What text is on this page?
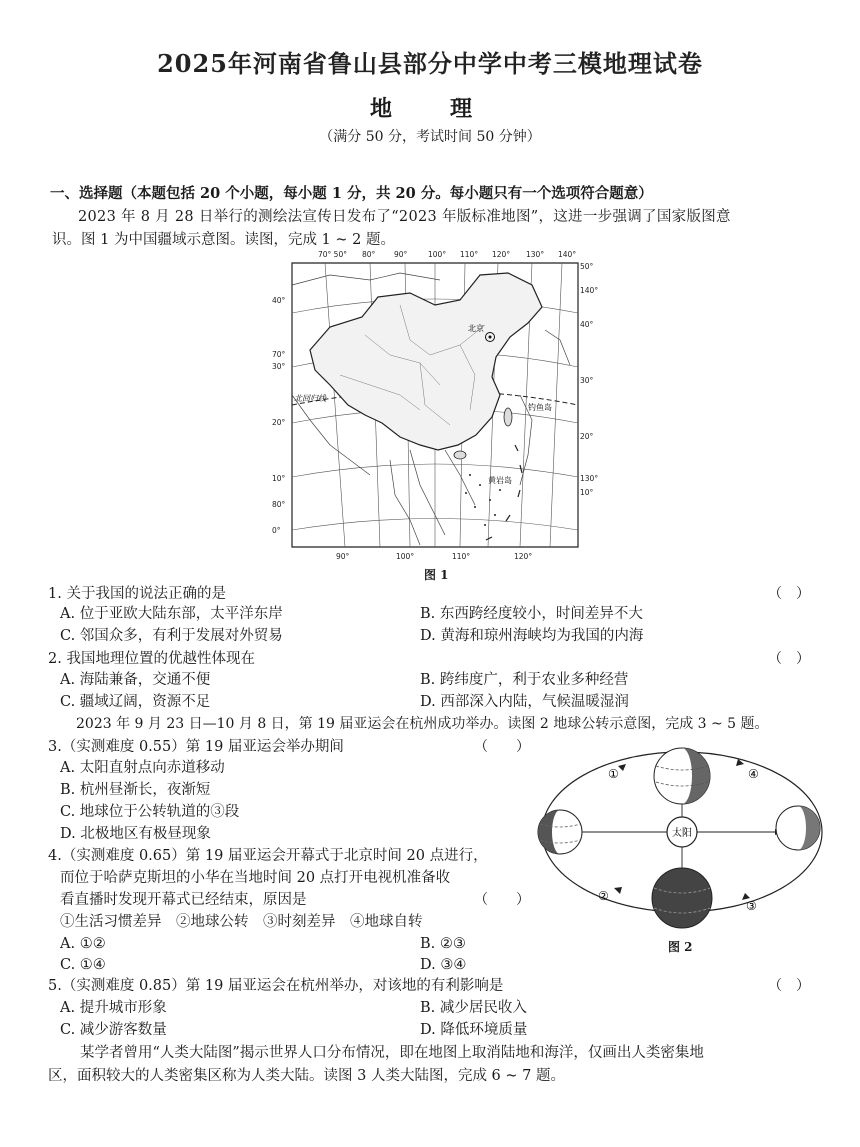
2025年河南省鲁山县部分中学中考三模地理试卷
地　理
（满分 50 分，考试时间 50 分钟）
一、选择题（本题包括 20 个小题，每小题 1 分，共 20 分。每小题只有一个选项符合题意）
2023 年 8 月 28 日举行的测绘法宣传日发布了“2023 年版标准地图”，这进一步强调了国家版图意
识。图 1 为中国疆域示意图。读图，完成 1 ~ 2 题。
北京
北回归线
钓鱼岛
黄岩岛
70° 50° 80° 90°	100° 110° 120° 130° 140°
90°	100°	110°	120°
40°
70°
30°
20°
10°
80°
0°
50°
140°
40°
30°
20°
130°
10°
图 1
1. 关于我国的说法正确的是	（　）
A. 位于亚欧大陆东部，太平洋东岸	B. 东西跨经度较小，时间差异不大
C. 邻国众多，有利于发展对外贸易	D. 黄海和琼州海峡均为我国的内海
2. 我国地理位置的优越性体现在	（　）
A. 海陆兼备，交通不便	B. 跨纬度广，利于农业多种经营
C. 疆域辽阔，资源不足	D. 西部深入内陆，气候温暖湿润
2023 年 9 月 23 日—10 月 8 日，第 19 届亚运会在杭州成功举办。读图 2 地球公转示意图，完成 3 ~ 5 题。
3.（实测难度 0.55）第 19 届亚运会举办期间	（　　）
A. 太阳直射点向赤道移动
B. 杭州昼渐长，夜渐短
C. 地球位于公转轨道的③段
D. 北极地区有极昼现象
4.（实测难度 0.65）第 19 届亚运会开幕式于北京时间 20 点进行，
而位于哈萨克斯坦的小华在当地时间 20 点打开电视机准备收
看直播时发现开幕式已经结束，原因是	（　　）
①生活习惯差异　②地球公转　③时刻差异　④地球自转
A. ①②	B. ②③
C. ①④	D. ③④
太阳
①
②
③
④
图 2
5.（实测难度 0.85）第 19 届亚运会在杭州举办，对该地的有利影响是	（　）
A. 提升城市形象	B. 减少居民收入
C. 减少游客数量	D. 降低环境质量
某学者曾用“人类大陆图”揭示世界人口分布情况，即在地图上取消陆地和海洋，仅画出人类密集地
区，面积较大的人类密集区称为人类大陆。读图 3 人类大陆图，完成 6 ~ 7 题。
